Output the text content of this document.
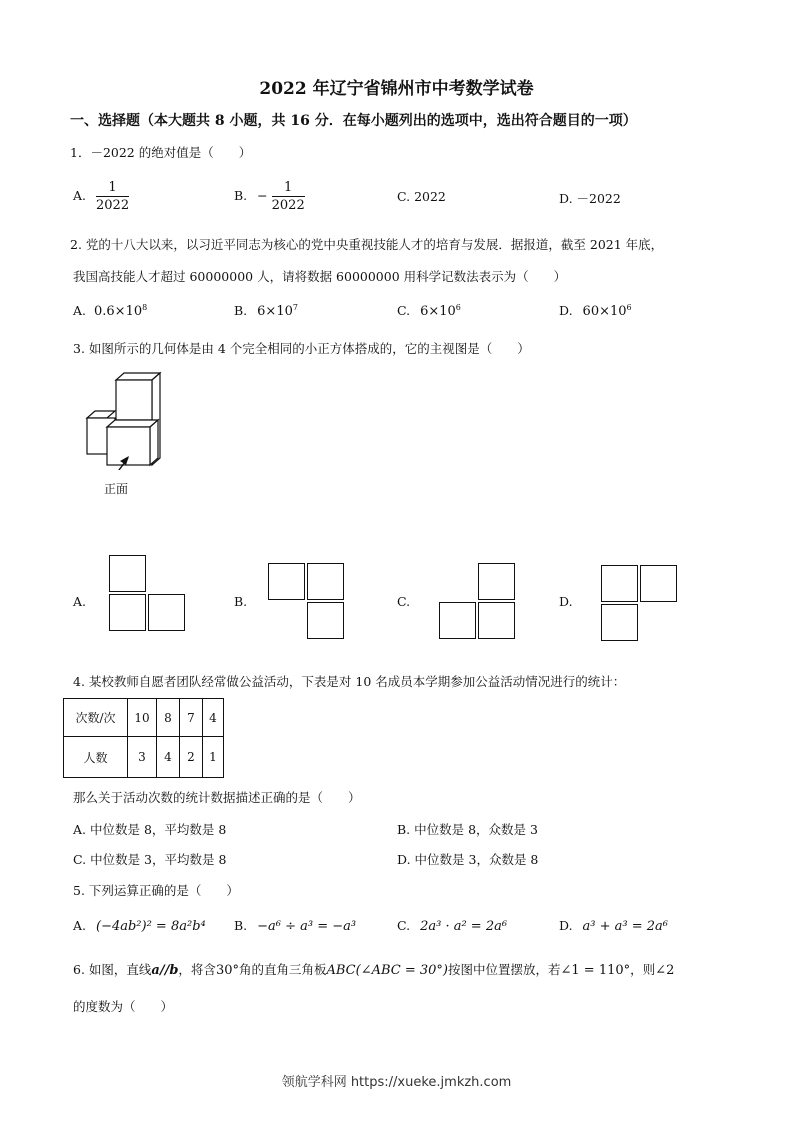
2022 年辽宁省锦州市中考数学试卷
一、选择题（本大题共 8 小题，共 16 分．在每小题列出的选项中，选出符合题目的一项）
1．－2022 的绝对值是（　　）
A. $\frac{1}{2022}$	B. − $\frac{1}{2022}$	C. 2022	D. －2022
2. 党的十八大以来，以习近平同志为核心的党中央重视技能人才的培育与发展．据报道，截至 2021 年底，
我国高技能人才超过 60000000 人，请将数据 60000000 用科学记数法表示为（　　）
A. $0.6\times 10^8$	B. $6\times 10^7$	C. $6\times 10^6$	D. $60\times 10^6$
3. 如图所示的几何体是由 4 个完全相同的小正方体搭成的，它的主视图是（　　）
正面
A.	B.	C.	D.
4. 某校教师自愿者团队经常做公益活动，下表是对 10 名成员本学期参加公益活动情况进行的统计：
次数/次	10	8	7	4
人数	3	4	2	1
那么关于活动次数的统计数据描述正确的是（　　）
A. 中位数是 8，平均数是 8	B. 中位数是 8，众数是 3
C. 中位数是 3，平均数是 8	D. 中位数是 3，众数是 8
5. 下列运算正确的是（　　）
A. (−4ab²)² = 8a²b⁴ B. −a⁶ ÷ a³ = −a³	C. 2a³ · a² = 2a⁶	D. a³ + a³ = 2a⁶
6. 如图，直线a//b，将含30°角的直角三角板ABC(∠ABC = 30°)按图中位置摆放，若∠1 = 110°，则∠2
的度数为（　　）
领航学科网 https://xueke.jmkzh.com
